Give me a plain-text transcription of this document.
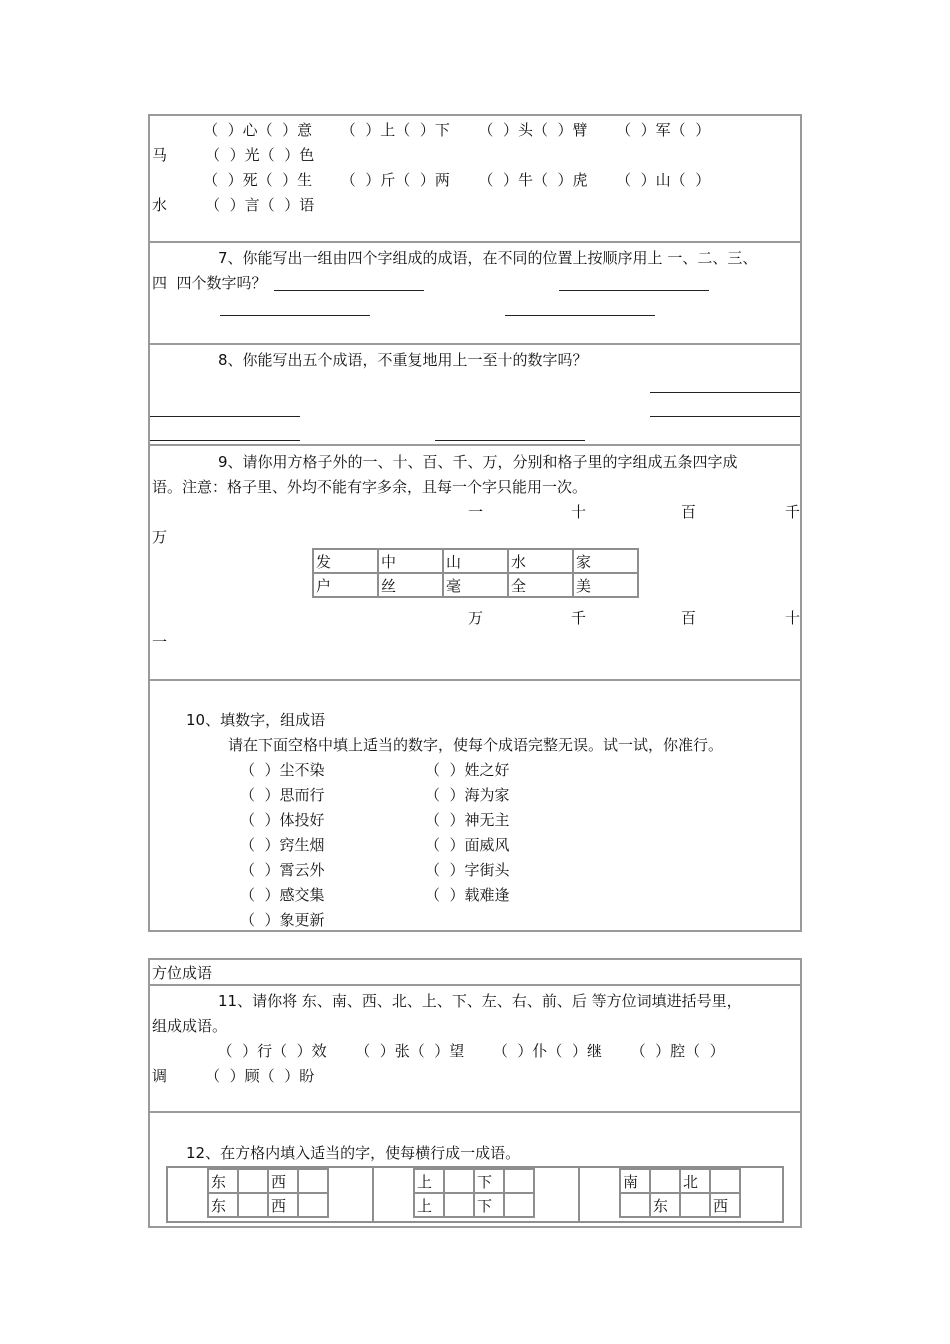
（  ）心（  ）意      （  ）上（  ）下      （  ）头（  ）臂      （  ）军（  ）
马        （  ）光（  ）色
（  ）死（  ）生      （  ）斤（  ）两      （  ）牛（  ）虎      （  ）山（  ）
水        （  ）言（  ）语
7、你能写出一组由四个字组成的成语，在不同的位置上按顺序用上 一、二、三、
四  四个数字吗？
8、你能写出五个成语，不重复地用上一至十的数字吗？
9、请你用方格子外的一、十、百、千、万，分别和格子里的字组成五条四字成
语。注意：格子里、外均不能有字多余，且每一个字只能用一次。
一	十	百	千
万
发	中	山	水	家
户	丝	毫	全	美
万	千	百	十
一
10、填数字，组成语
请在下面空格中填上适当的数字，使每个成语完整无误。试一试，你准行。
（  ）尘不染
（  ）思而行
（  ）体投好
（  ）窍生烟
（  ）霄云外
（  ）感交集
（  ）象更新
（  ）姓之好
（  ）海为家
（  ）神无主
（  ）面威风
（  ）字街头
（  ）载难逢
方位成语
11、请你将 东、南、西、北、上、下、左、右、前、后 等方位词填进括号里，
组成成语。
（  ）行（  ）效      （  ）张（  ）望      （  ）仆（  ）继      （  ）腔（  ）
调        （  ）顾（  ）盼
12、在方格内填入适当的字，使每横行成一成语。
东		西	
东		西	
上		下	
上		下	
南		北	
	东		西
